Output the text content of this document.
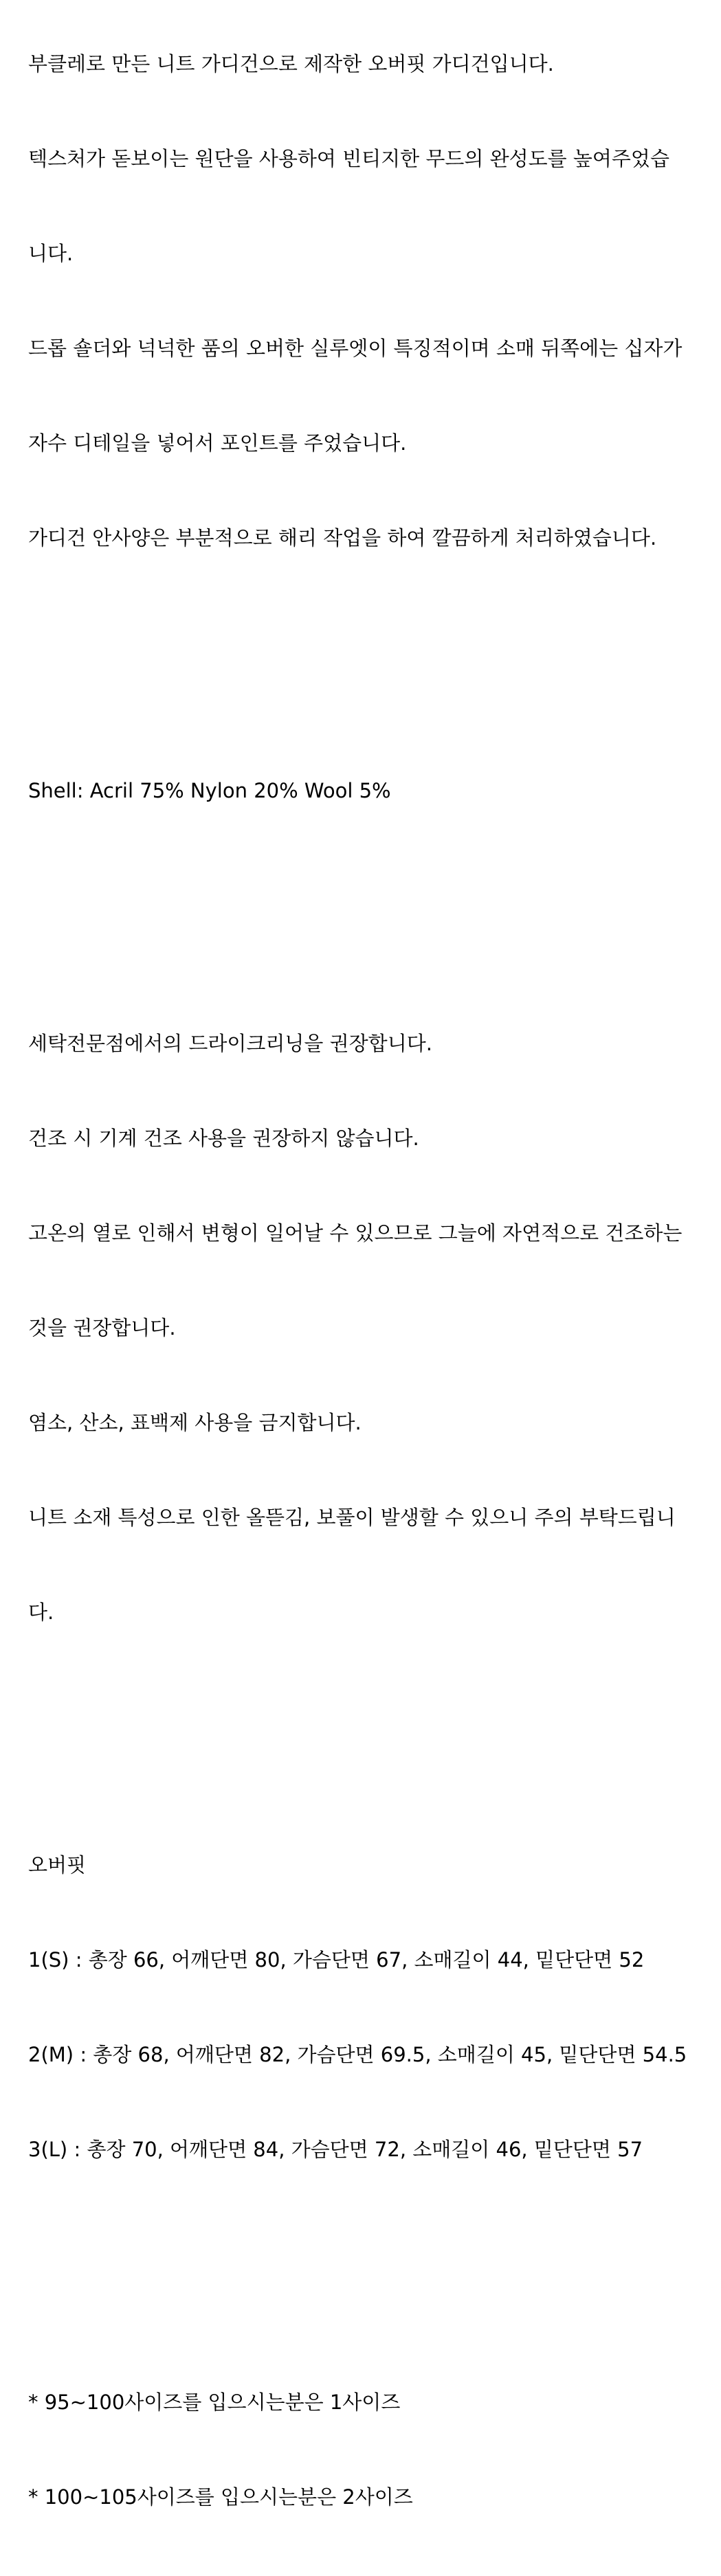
부클레로 만든 니트 가디건으로 제작한 오버핏 가디건입니다.

텍스처가 돋보이는 원단을 사용하여 빈티지한 무드의 완성도를 높여주었습

니다.

드롭 숄더와 넉넉한 품의 오버한 실루엣이 특징적이며 소매 뒤쪽에는 십자가

자수 디테일을 넣어서 포인트를 주었습니다.

가디건 안사양은 부분적으로 해리 작업을 하여 깔끔하게 처리하였습니다.

Shell: Acril 75% Nylon 20% Wool 5%

세탁전문점에서의 드라이크리닝을 권장합니다.

건조 시 기계 건조 사용을 권장하지 않습니다.

고온의 열로 인해서 변형이 일어날 수 있으므로 그늘에 자연적으로 건조하는

것을 권장합니다.

염소, 산소, 표백제 사용을 금지합니다.

니트 소재 특성으로 인한 올뜯김, 보풀이 발생할 수 있으니 주의 부탁드립니

다.

오버핏

1(S) : 총장 66, 어깨단면 80, 가슴단면 67, 소매길이 44, 밑단단면 52

2(M) : 총장 68, 어깨단면 82, 가슴단면 69.5, 소매길이 45, 밑단단면 54.5

3(L) : 총장 70, 어깨단면 84, 가슴단면 72, 소매길이 46, 밑단단면 57

* 95~100사이즈를 입으시는분은 1사이즈

* 100~105사이즈를 입으시는분은 2사이즈
